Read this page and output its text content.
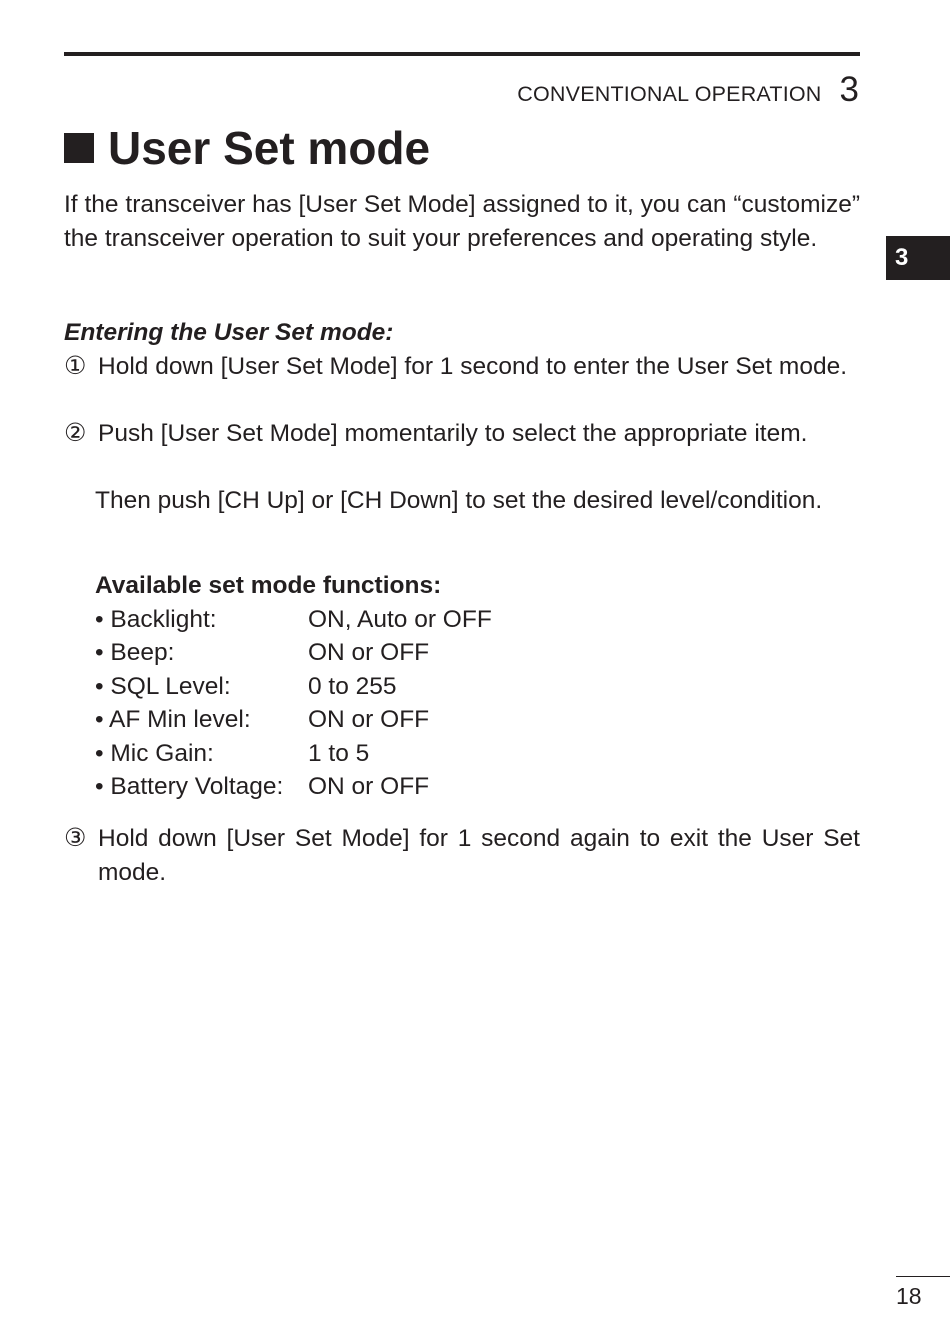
CONVENTIONAL OPERATION 3
User Set mode

If the transceiver has [User Set Mode] assigned to it, you can “customize” the transceiver operation to suit your preferences and operating style.

3
Entering the User Set mode:
① Hold down [User Set Mode] for 1 second to enter the User Set mode.

② Push [User Set Mode] momentarily to select the appropriate item.

Then push [CH Up] or [CH Down] to set the desired level/condition.

Available set mode functions:
• Backlight:	ON, Auto or OFF
• Beep:	ON or OFF
• SQL Level:	0 to 255
• AF Min level:	ON or OFF
• Mic Gain:	1 to 5
• Battery Voltage:	ON or OFF
③ Hold down [User Set Mode] for 1 second again to exit the User Set mode.

18
